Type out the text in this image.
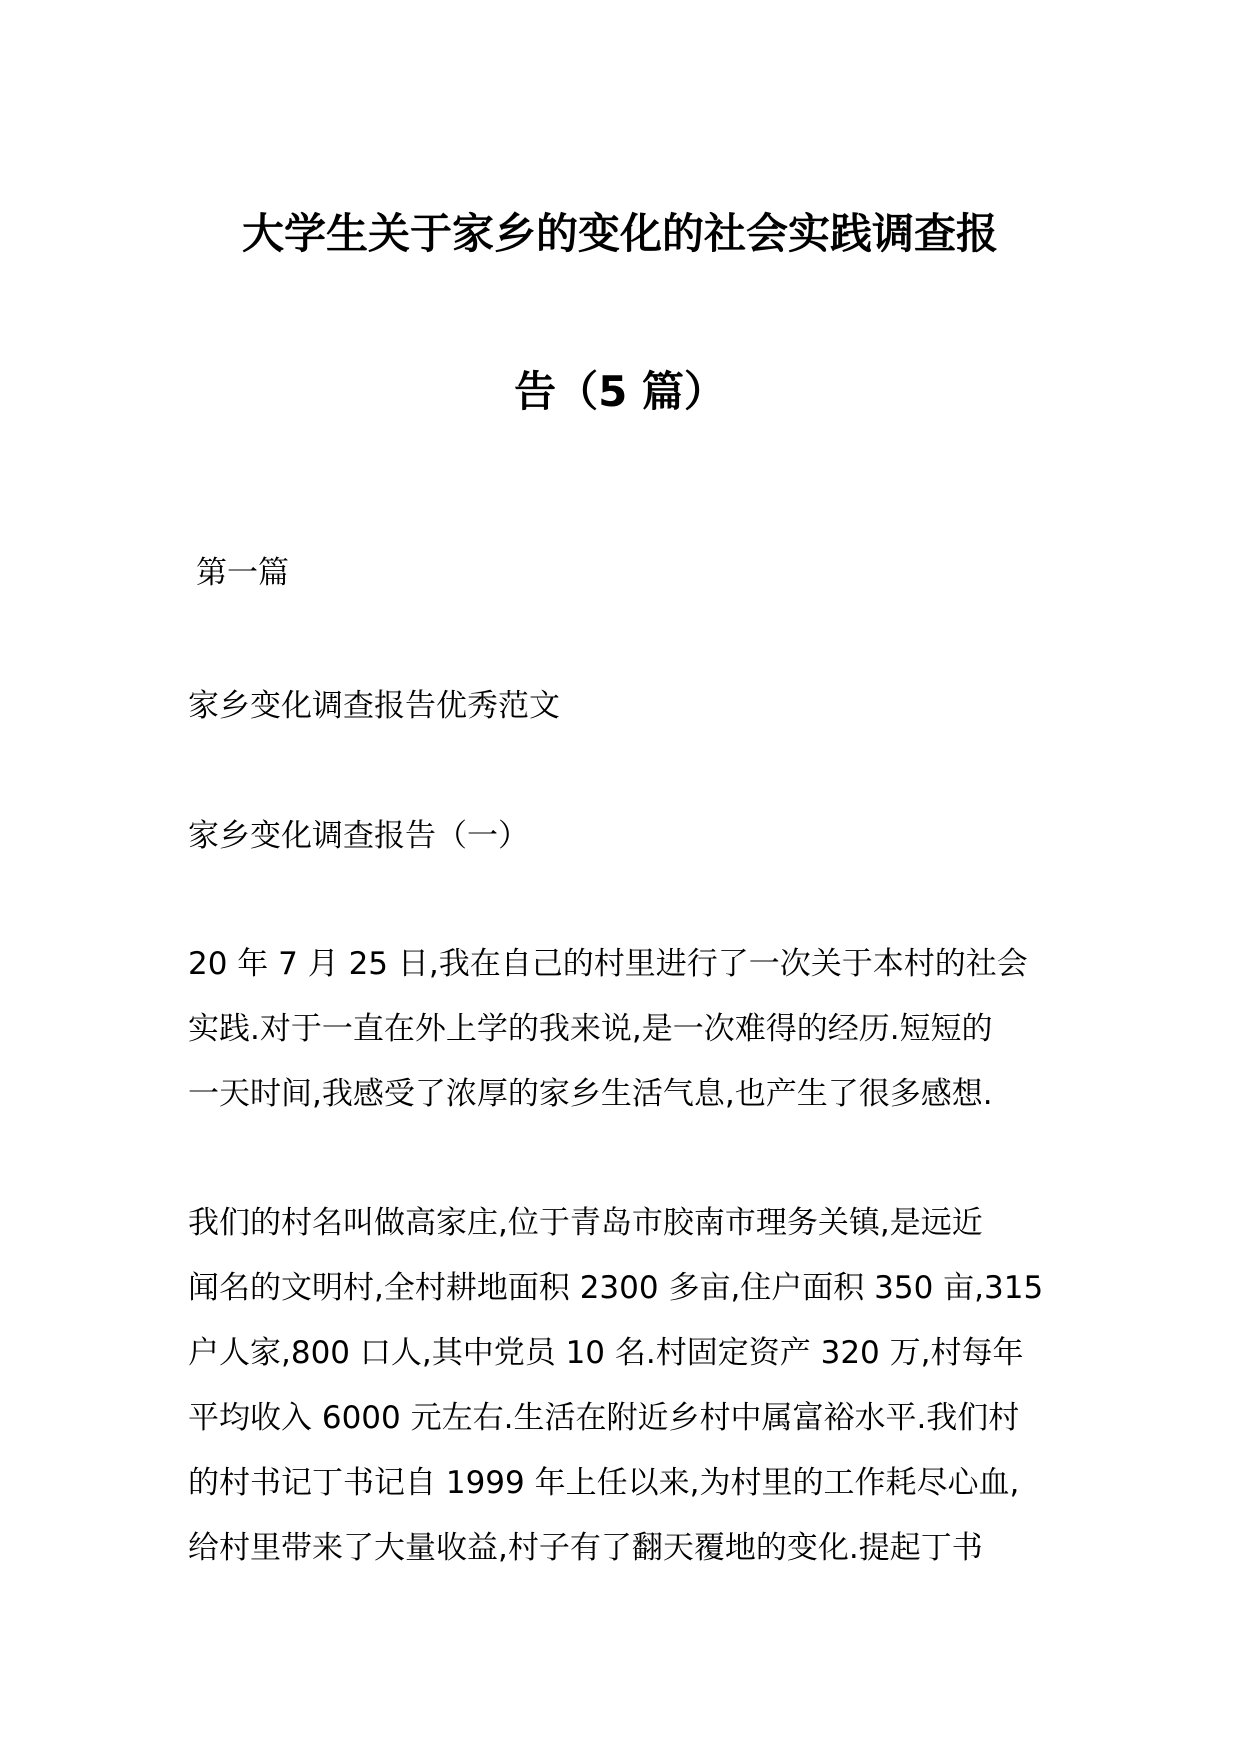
大学生关于家乡的变化的社会实践调查报
告（5 篇）
第一篇
家乡变化调查报告优秀范文
家乡变化调查报告（一）
20 年 7 月 25 日,我在自己的村里进行了一次关于本村的社会
实践.对于一直在外上学的我来说,是一次难得的经历.短短的
一天时间,我感受了浓厚的家乡生活气息,也产生了很多感想.
我们的村名叫做高家庄,位于青岛市胶南市理务关镇,是远近
闻名的文明村,全村耕地面积 2300 多亩,住户面积 350 亩,315
户人家,800 口人,其中党员 10 名.村固定资产 320 万,村每年
平均收入 6000 元左右.生活在附近乡村中属富裕水平.我们村
的村书记丁书记自 1999 年上任以来,为村里的工作耗尽心血,
给村里带来了大量收益,村子有了翻天覆地的变化.提起丁书
